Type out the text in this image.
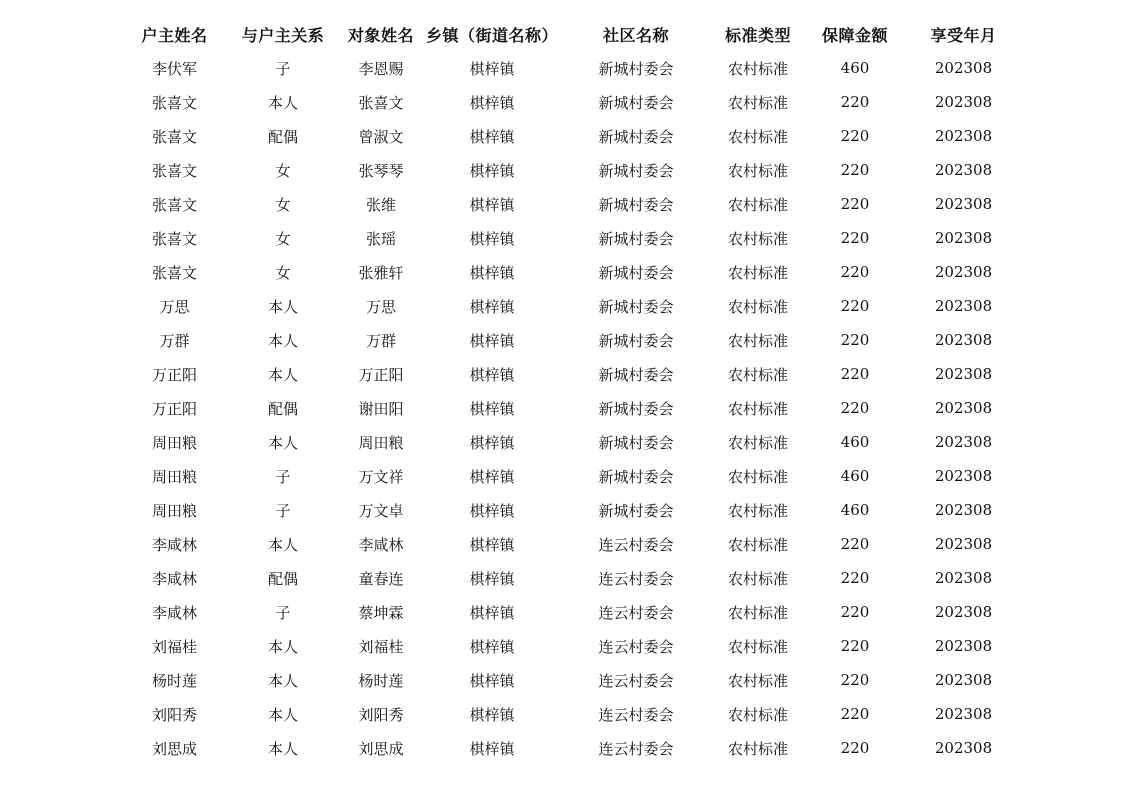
户主姓名	与户主关系	对象姓名	乡镇（街道名称）	社区名称	标准类型	保障金额	享受年月
李伏军	子	李恩赐	棋梓镇	新城村委会	农村标准	460	202308
张喜文	本人	张喜文	棋梓镇	新城村委会	农村标准	220	202308
张喜文	配偶	曾淑文	棋梓镇	新城村委会	农村标准	220	202308
张喜文	女	张琴琴	棋梓镇	新城村委会	农村标准	220	202308
张喜文	女	张维	棋梓镇	新城村委会	农村标准	220	202308
张喜文	女	张瑶	棋梓镇	新城村委会	农村标准	220	202308
张喜文	女	张雅轩	棋梓镇	新城村委会	农村标准	220	202308
万思	本人	万思	棋梓镇	新城村委会	农村标准	220	202308
万群	本人	万群	棋梓镇	新城村委会	农村标准	220	202308
万正阳	本人	万正阳	棋梓镇	新城村委会	农村标准	220	202308
万正阳	配偶	谢田阳	棋梓镇	新城村委会	农村标准	220	202308
周田粮	本人	周田粮	棋梓镇	新城村委会	农村标准	460	202308
周田粮	子	万文祥	棋梓镇	新城村委会	农村标准	460	202308
周田粮	子	万文卓	棋梓镇	新城村委会	农村标准	460	202308
李咸林	本人	李咸林	棋梓镇	连云村委会	农村标准	220	202308
李咸林	配偶	童春连	棋梓镇	连云村委会	农村标准	220	202308
李咸林	子	蔡坤霖	棋梓镇	连云村委会	农村标准	220	202308
刘福桂	本人	刘福桂	棋梓镇	连云村委会	农村标准	220	202308
杨时莲	本人	杨时莲	棋梓镇	连云村委会	农村标准	220	202308
刘阳秀	本人	刘阳秀	棋梓镇	连云村委会	农村标准	220	202308
刘思成	本人	刘思成	棋梓镇	连云村委会	农村标准	220	202308
